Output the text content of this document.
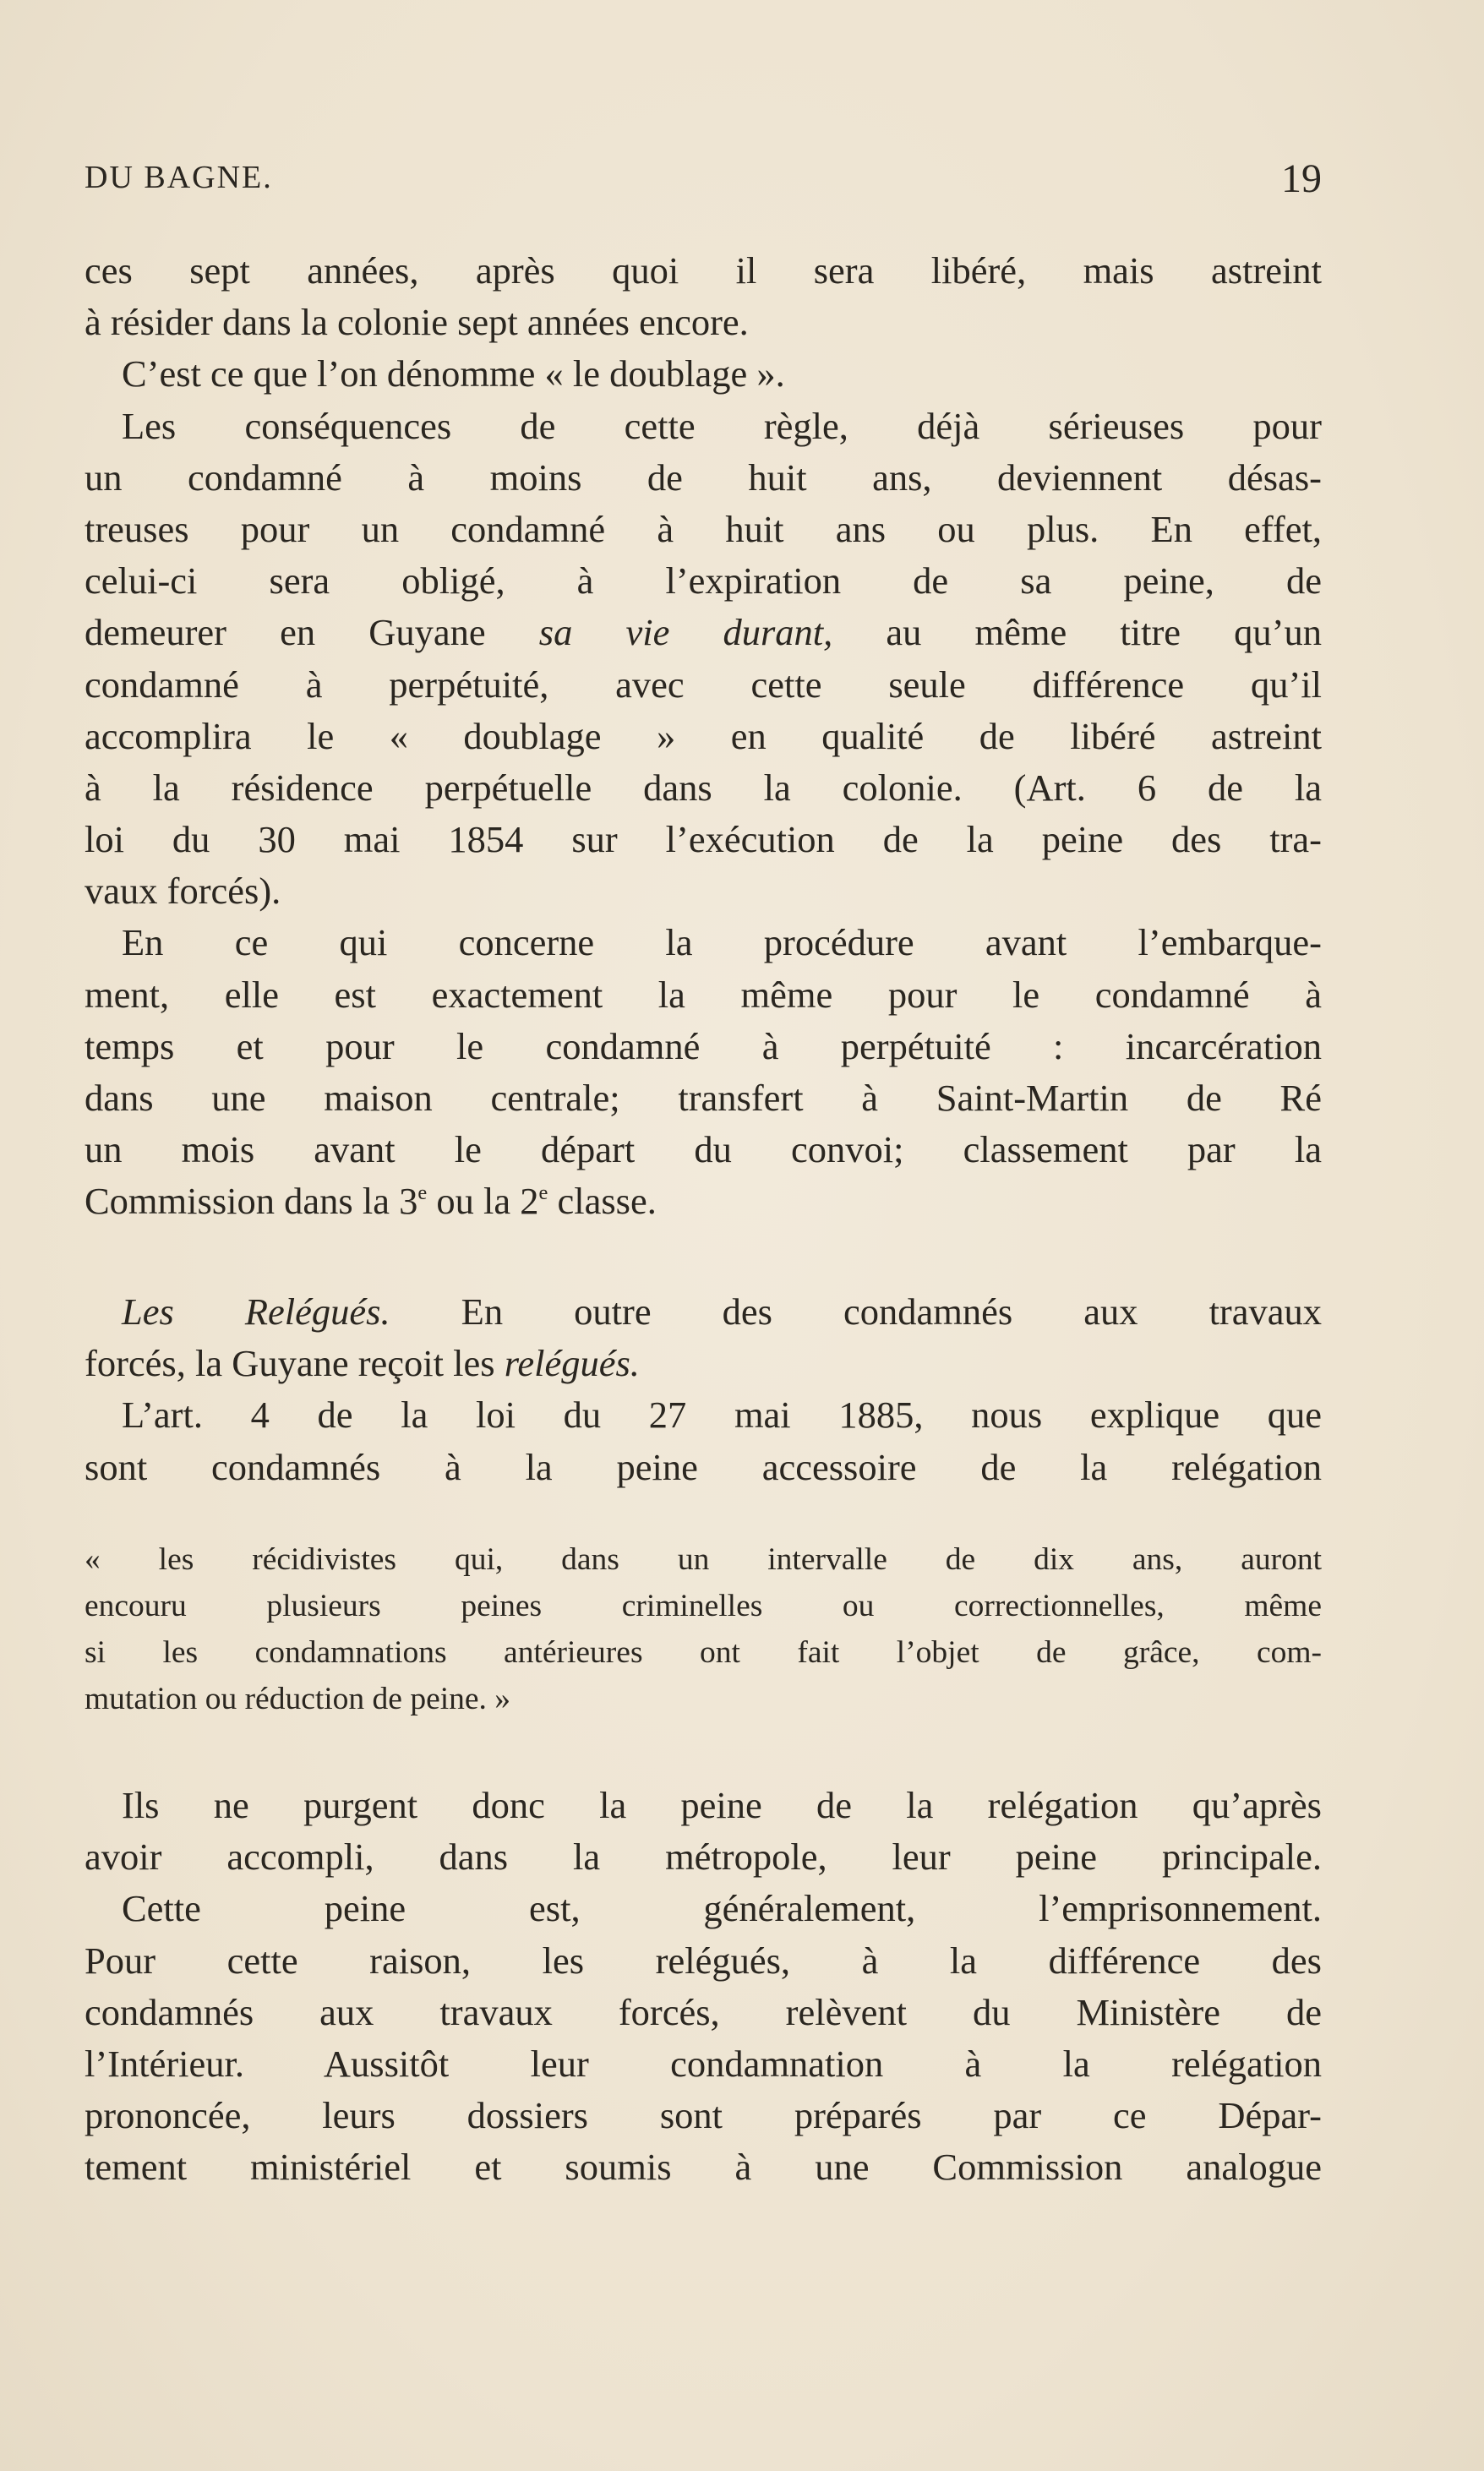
DU BAGNE.	19
ces sept années, après quoi il sera libéré, mais astreint
à résider dans la colonie sept années encore.
C’est ce que l’on dénomme « le doublage ».
Les conséquences de cette règle, déjà sérieuses pour
un condamné à moins de huit ans, deviennent désas-
treuses pour un condamné à huit ans ou plus. En effet,
celui-ci sera obligé, à l’expiration de sa peine, de
demeurer en Guyane sa vie durant, au même titre qu’un
condamné à perpétuité, avec cette seule différence qu’il
accomplira le « doublage » en qualité de libéré astreint
à la résidence perpétuelle dans la colonie. (Art. 6 de la
loi du 30 mai 1854 sur l’exécution de la peine des tra-
vaux forcés).
En ce qui concerne la procédure avant l’embarque-
ment, elle est exactement la même pour le condamné à
temps et pour le condamné à perpétuité : incarcération
dans une maison centrale; transfert à Saint-Martin de Ré
un mois avant le départ du convoi; classement par la
Commission dans la 3e ou la 2e classe.
Les Relégués. En outre des condamnés aux travaux
forcés, la Guyane reçoit les relégués.
L’art. 4 de la loi du 27 mai 1885, nous explique que
sont condamnés à la peine accessoire de la relégation
« les récidivistes qui, dans un intervalle de dix ans, auront
encouru plusieurs peines criminelles ou correctionnelles, même
si les condamnations antérieures ont fait l’objet de grâce, com-
mutation ou réduction de peine. »
Ils ne purgent donc la peine de la relégation qu’après
avoir accompli, dans la métropole, leur peine principale.
Cette peine est, généralement, l’emprisonnement.
Pour cette raison, les relégués, à la différence des
condamnés aux travaux forcés, relèvent du Ministère de
l’Intérieur. Aussitôt leur condamnation à la relégation
prononcée, leurs dossiers sont préparés par ce Dépar-
tement ministériel et soumis à une Commission analogue
